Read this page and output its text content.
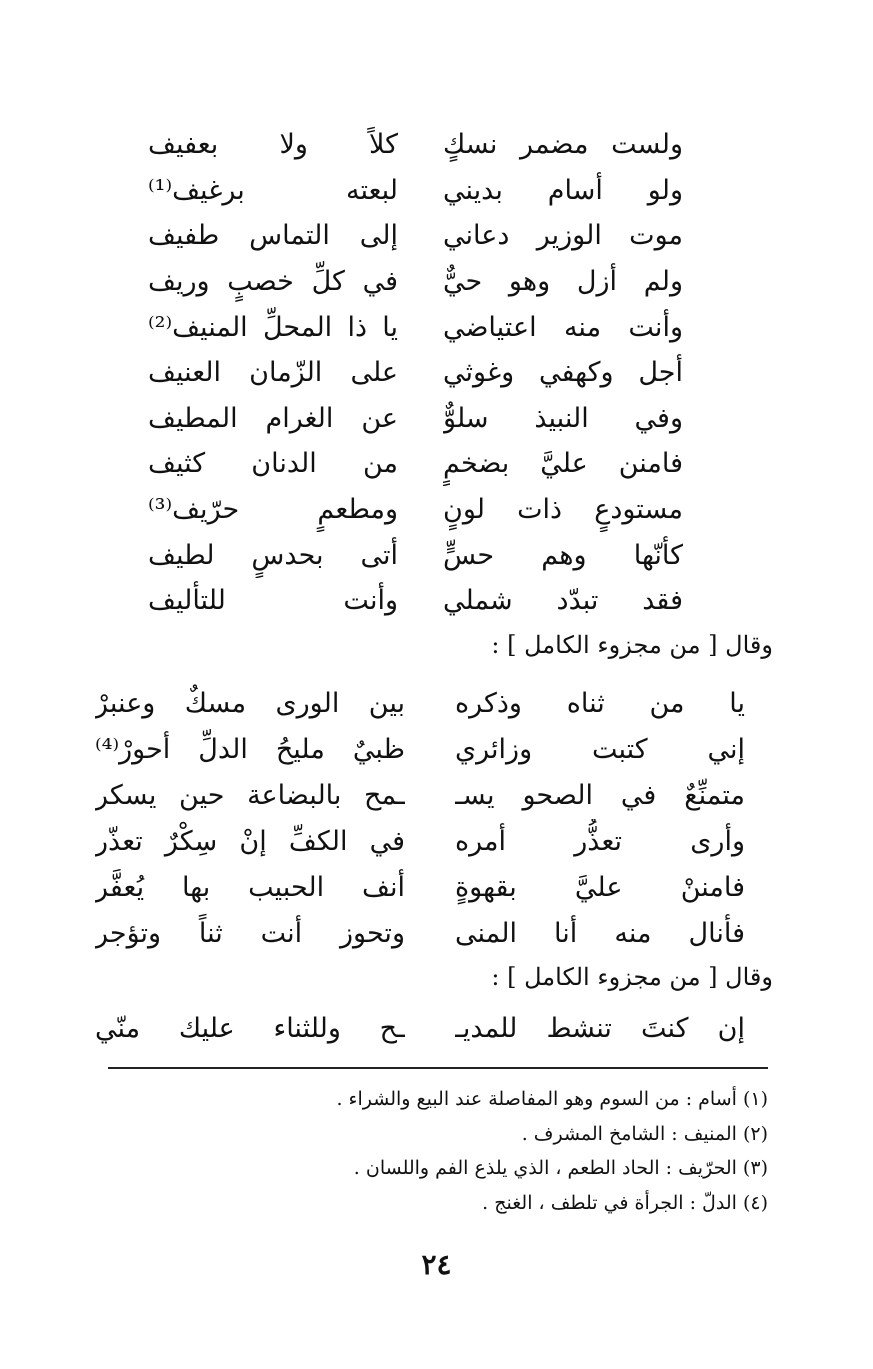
ولست مضمر نسكٍ
كلاً ولا بعفيف
ولو أسام بديني
لبعته برغيف⁽¹⁾
موت الوزير دعاني
إلى التماس طفيف
ولم أزل وهو حيٌّ
في كلِّ خصبٍ وريف
وأنت منه اعتياضي
يا ذا المحلِّ المنيف⁽²⁾
أجل وكهفي وغوثي
على الزّمان العنيف
وفي النبيذ سلوٌّ
عن الغرام المطيف
فامنن عليَّ بضخمٍ
من الدنان كثيف
مستودعٍ ذات لونٍ
ومطعمٍ حرّيف⁽³⁾
كأنّها وهم حسٍّ
أتى بحدسٍ لطيف
فقد تبدّد شملي
وأنت للتأليف
وقال [ من مجزوء الكامل ] :
يا من ثناه وذكره
بين الورى مسكٌ وعنبرْ
إني كتبت وزائري
ظبيٌ مليحُ الدلِّ أحورْ⁽⁴⁾
متمنِّعٌ في الصحو يسـ
ـمح بالبضاعة حين يسكر
وأرى تعذُّر أمره
في الكفِّ إنْ سِكْرٌ تعذّر
فامننْ عليَّ بقهوةٍ
أنف الحبيب بها يُعفَّر
فأنال منه أنا المنى
وتحوز أنت ثناً وتؤجر
وقال [ من مجزوء الكامل ] :
إن كنتَ تنشط للمديـ
ـح وللثناء عليك منّي
(١) أسام : من السوم وهو المفاصلة عند البيع والشراء .
(٢) المنيف : الشامخ المشرف .
(٣) الحرّيف : الحاد الطعم ، الذي يلذع الفم واللسان .
(٤) الدلّ : الجرأة في تلطف ، الغنج .
٢٤
